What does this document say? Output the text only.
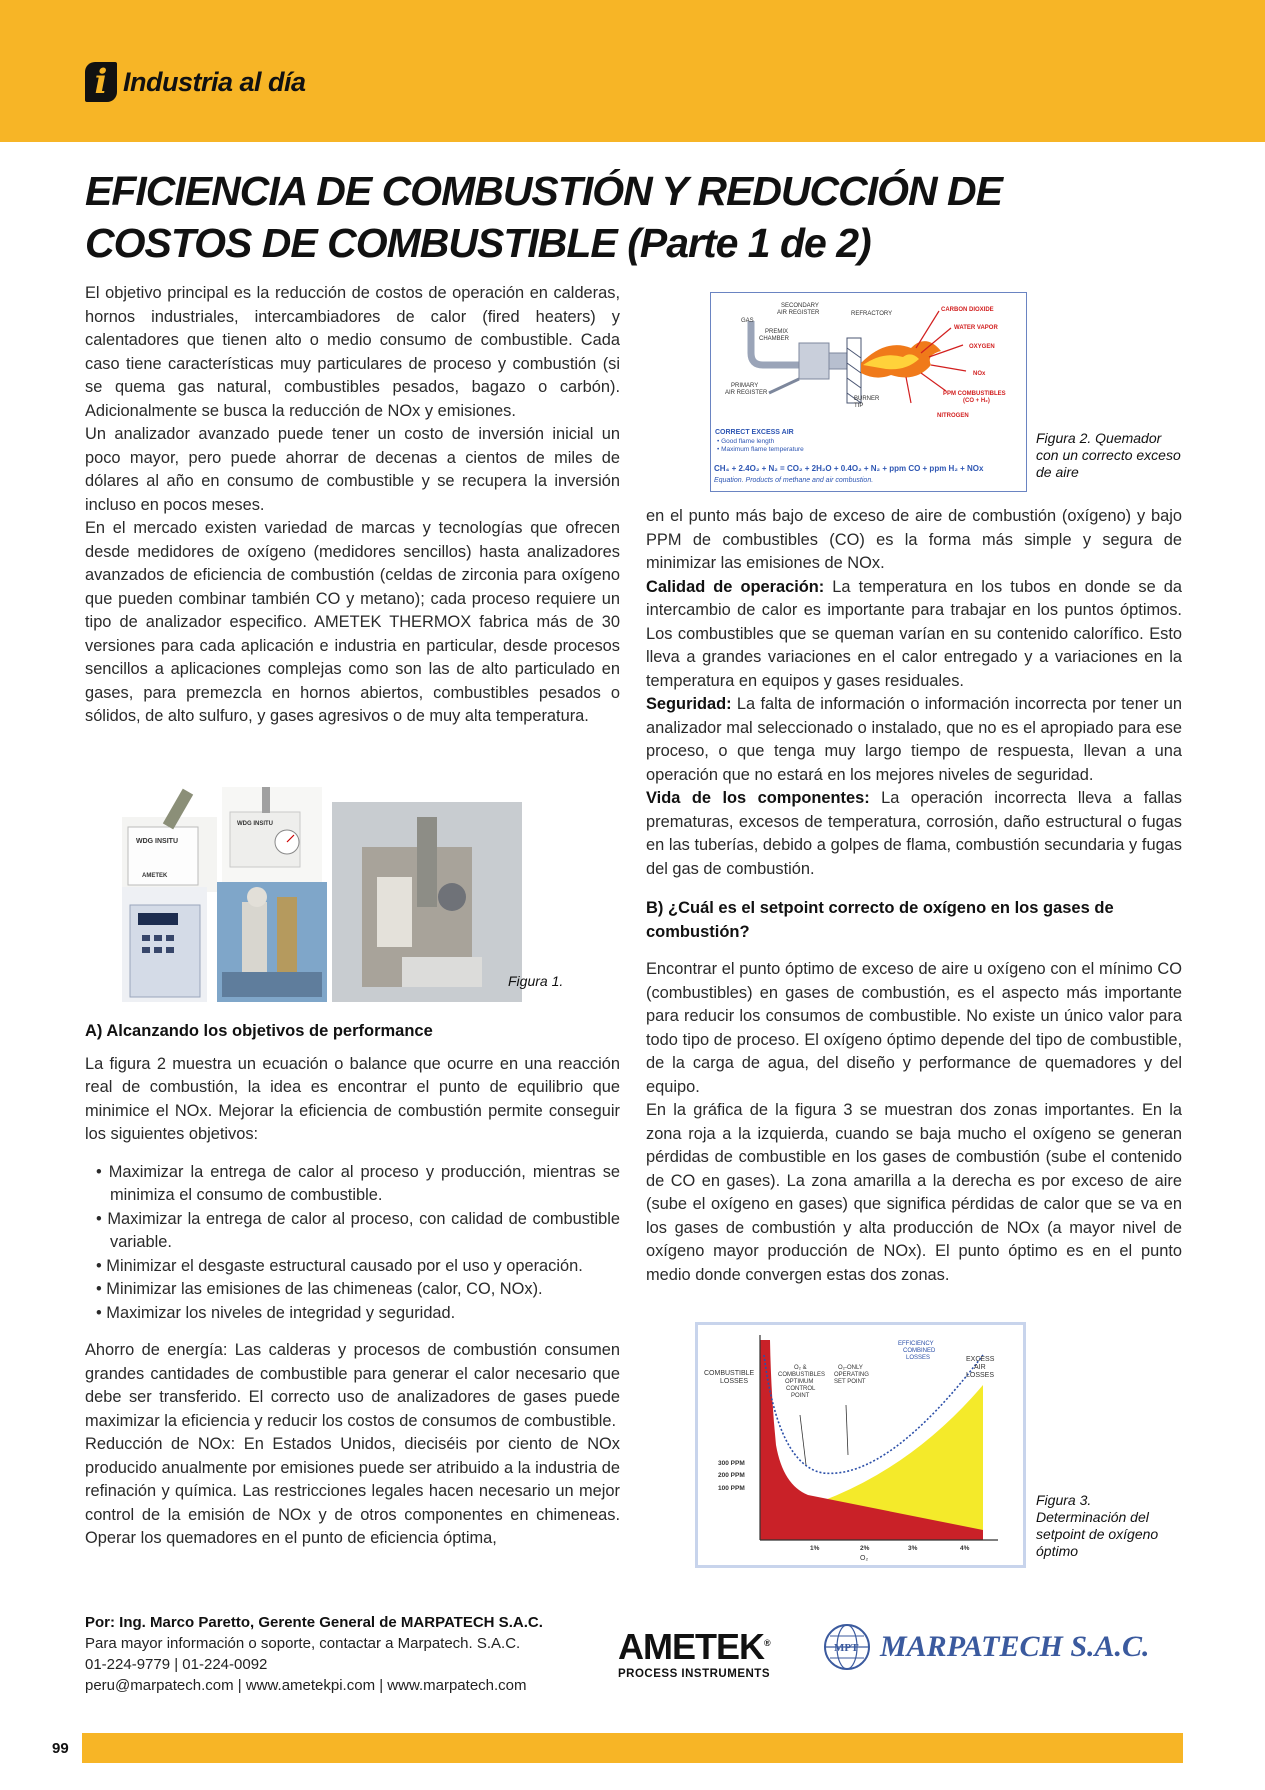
i Industria al día
EFICIENCIA DE COMBUSTIÓN Y REDUCCIÓN DE
COSTOS DE COMBUSTIBLE (Parte 1 de 2)

El objetivo principal es la reducción de costos de operación en calderas, hornos industriales, intercambiadores de calor (fired heaters) y calentadores que tienen alto o medio consumo de combustible. Cada caso tiene características muy particulares de proceso y combustión (si se quema gas natural, combustibles pesados, bagazo o carbón). Adicionalmente se busca la reducción de NOx y emisiones.

Un analizador avanzado puede tener un costo de inversión inicial un poco mayor, pero puede ahorrar de decenas a cientos de miles de dólares al año en consumo de combustible y se recupera la inversión incluso en pocos meses.

En el mercado existen variedad de marcas y tecnologías que ofrecen desde medidores de oxígeno (medidores sencillos) hasta analizadores avanzados de eficiencia de combustión (celdas de zirconia para oxígeno que pueden combinar también CO y metano); cada proceso requiere un tipo de analizador especifico. AMETEK THERMOX fabrica más de 30 versiones para cada aplicación e industria en particular, desde procesos sencillos a aplicaciones complejas como son las de alto particulado en gases, para premezcla en hornos abiertos, combustibles pesados o sólidos, de alto sulfuro, y gases agresivos o de muy alta temperatura.

WDG INSITU
AMETEK
WDG INSITU
Figura 1.

A) Alcanzando los objetivos de performance

La figura 2 muestra un ecuación o balance que ocurre en una reacción real de combustión, la idea es encontrar el punto de equilibrio que minimice el NOx. Mejorar la eficiencia de combustión permite conseguir los siguientes objetivos:

• Maximizar la entrega de calor al proceso y producción, mientras se minimiza el consumo de combustible.
• Maximizar la entrega de calor al proceso, con calidad de combustible variable.
• Minimizar el desgaste estructural causado por el uso y operación.
• Minimizar las emisiones de las chimeneas (calor, CO, NOx).
• Maximizar los niveles de integridad y seguridad.

Ahorro de energía: Las calderas y procesos de combustión consumen grandes cantidades de combustible para generar el calor necesario que debe ser transferido. El correcto uso de analizadores de gases puede maximizar la eficiencia y reducir los costos de consumos de combustible.

Reducción de NOx: En Estados Unidos, dieciséis por ciento de NOx producido anualmente por emisiones puede ser atribuido a la industria de refinación y química. Las restricciones legales hacen necesario un mejor control de la emisión de NOx y de otros componentes en chimeneas. Operar los quemadores en el punto de eficiencia óptima,

SECONDARY
AIR REGISTER	REFRACTORY
GAS
PREMIX
CHAMBER
PRIMARY
AIR REGISTER
BURNER
TIP
CARBON DIOXIDE
WATER VAPOR
OXYGEN
NOx
PPM COMBUSTIBLES
(CO + H₂)
NITROGEN
CORRECT EXCESS AIR
• Good flame length
• Maximum flame temperature
CH₄ + 2.4O₂ + N₂ = CO₂ + 2H₂O + 0.4O₂ + N₂ + ppm CO + ppm H₂ + NOx
Equation. Products of methane and air combustion.
Figura 2. Quemador con un correcto exceso de aire

en el punto más bajo de exceso de aire de combustión (oxígeno) y bajo PPM de combustibles (CO) es la forma más simple y segura de minimizar las emisiones de NOx.

Calidad de operación: La temperatura en los tubos en donde se da intercambio de calor es importante para trabajar en los puntos óptimos. Los combustibles que se queman varían en su contenido calorífico. Esto lleva a grandes variaciones en el calor entregado y a variaciones en la temperatura en equipos y gases residuales.

Seguridad: La falta de información o información incorrecta por tener un analizador mal seleccionado o instalado, que no es el apropiado para ese proceso, o que tenga muy largo tiempo de respuesta, llevan a una operación que no estará en los mejores niveles de seguridad.

Vida de los componentes: La operación incorrecta lleva a fallas prematuras, excesos de temperatura, corrosión, daño estructural o fugas en las tuberías, debido a golpes de flama, combustión secundaria y fugas del gas de combustión.

B) ¿Cuál es el setpoint correcto de oxígeno en los gases de combustión?

Encontrar el punto óptimo de exceso de aire u oxígeno con el mínimo CO (combustibles) en gases de combustión, es el aspecto más importante para reducir los consumos de combustible. No existe un único valor para todo tipo de proceso. El oxígeno óptimo depende del tipo de combustible, de la carga de agua, del diseño y performance de quemadores y del equipo.

En la gráfica de la figura 3 se muestran dos zonas importantes. En la zona roja a la izquierda, cuando se baja mucho el oxígeno se generan pérdidas de combustible en los gases de combustión (sube el contenido de CO en gases). La zona amarilla a la derecha es por exceso de aire (sube el oxígeno en gases) que significa pérdidas de calor que se va en los gases de combustión y alta producción de NOx (a mayor nivel de oxígeno mayor producción de NOx). El punto óptimo es en el punto medio donde convergen estas dos zonas.

COMBUSTIBLE
LOSSES
O₂ &
COMBUSTIBLES
OPTIMUM
CONTROL
POINT
O₂-ONLY
OPERATING
SET POINT
EFFICIENCY
COMBINED
LOSSES	EXCESS
AIR
LOSSES
300 PPM
200 PPM
100 PPM
1%	2%	3%	4%
O₂
Figura 3. Determinación del setpoint de oxígeno óptimo
Por: Ing. Marco Paretto, Gerente General de MARPATECH S.A.C.
Para mayor información o soporte, contactar a Marpatech. S.A.C.
01-224-9779 | 01-224-0092
peru@marpatech.com | www.ametekpi.com | www.marpatech.com
AMETEK®
PROCESS INSTRUMENTS
MPT MARPATECH S.A.C.
99
